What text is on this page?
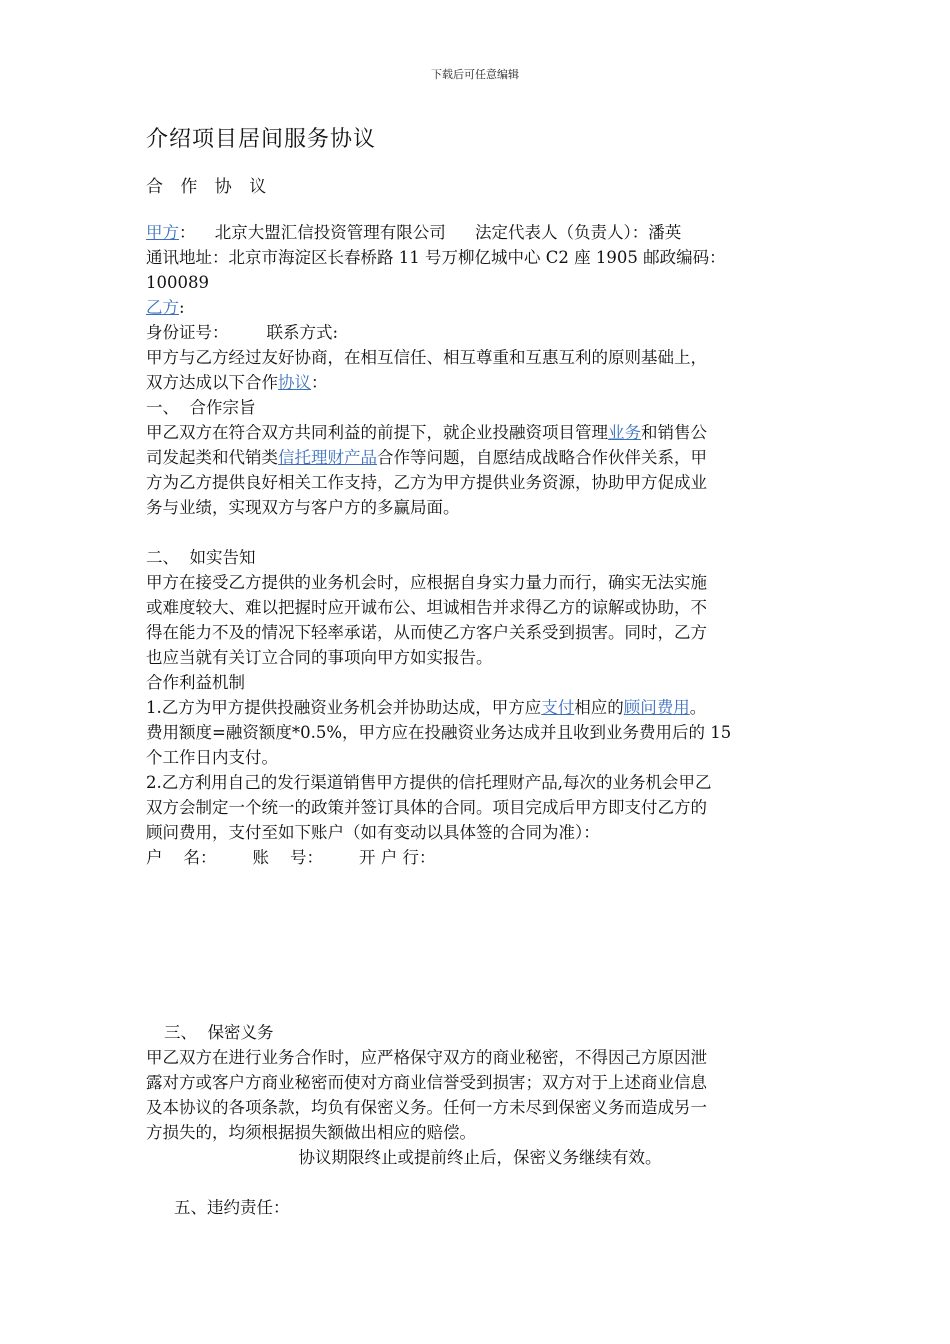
下载后可任意编辑
介绍项目居间服务协议
合 作 协 议

甲方： 北京大盟汇信投资管理有限公司 法定代表人（负责人）：潘英

通讯地址：北京市海淀区长春桥路 11 号万柳亿城中心 C2 座 1905 邮政编码：

100089

乙方:

身份证号： 联系方式:

甲方与乙方经过友好协商，在相互信任、相互尊重和互惠互利的原则基础上，

双方达成以下合作协议：

一、  合作宗旨

甲乙双方在符合双方共同利益的前提下，就企业投融资项目管理业务和销售公

司发起类和代销类信托理财产品合作等问题，自愿结成战略合作伙伴关系，甲

方为乙方提供良好相关工作支持，乙方为甲方提供业务资源，协助甲方促成业

务与业绩，实现双方与客户方的多赢局面。

二、  如实告知

甲方在接受乙方提供的业务机会时，应根据自身实力量力而行，确实无法实施

或难度较大、难以把握时应开诚布公、坦诚相告并求得乙方的谅解或协助，不

得在能力不及的情况下轻率承诺，从而使乙方客户关系受到损害。同时，乙方

也应当就有关订立合同的事项向甲方如实报告。

合作利益机制

1.乙方为甲方提供投融资业务机会并协助达成，甲方应支付相应的顾问费用。

费用额度=融资额度*0.5%，甲方应在投融资业务达成并且收到业务费用后的 15

个工作日内支付。

2.乙方利用自己的发行渠道销售甲方提供的信托理财产品,每次的业务机会甲乙

双方会制定一个统一的政策并签订具体的合同。项目完成后甲方即支付乙方的

顾问费用，支付至如下账户（如有变动以具体签的合同为准）：

户    名： 账    号： 开 户 行：

三、  保密义务

甲乙双方在进行业务合作时，应严格保守双方的商业秘密，不得因己方原因泄

露对方或客户方商业秘密而使对方商业信誉受到损害；双方对于上述商业信息

及本协议的各项条款，均负有保密义务。任何一方未尽到保密义务而造成另一

方损失的，均须根据损失额做出相应的赔偿。

协议期限终止或提前终止后，保密义务继续有效。

五、违约责任：
